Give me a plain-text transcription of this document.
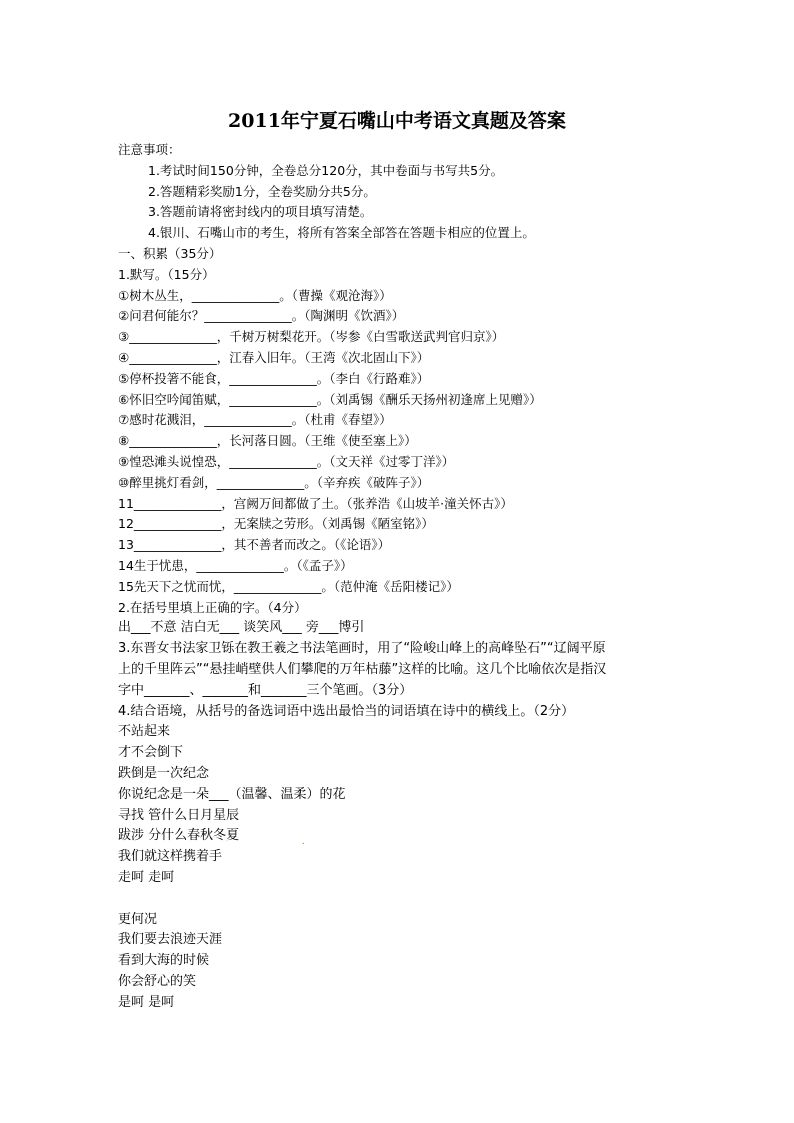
2011年宁夏石嘴山中考语文真题及答案
注意事项：
1.考试时间150分钟，全卷总分120分，其中卷面与书写共5分。
2.答题精彩奖励1分，全卷奖励分共5分。
3.答题前请将密封线内的项目填写清楚。
4.银川、石嘴山市的考生，将所有答案全部答在答题卡相应的位置上。
一、积累（35分）
1.默写。（15分）
①树木丛生，______________。（曹操《观沧海》）
②问君何能尔？______________。（陶渊明《饮酒》）
③______________，千树万树梨花开。（岑参《白雪歌送武判官归京》）
④______________，江春入旧年。（王湾《次北固山下》）
⑤停杯投箸不能食，______________。（李白《行路难》）
⑥怀旧空吟闻笛赋，______________。（刘禹锡《酬乐天扬州初逢席上见赠》）
⑦感时花溅泪，______________。（杜甫《春望》）
⑧______________，长河落日圆。（王维《使至塞上》）
⑨惶恐滩头说惶恐，______________。（文天祥《过零丁洋》）
⑩醉里挑灯看剑，______________。（辛弃疾《破阵子》）
11______________，宫阙万间都做了土。（张养浩《山坡羊·潼关怀古》）
12______________，无案牍之劳形。（刘禹锡《陋室铭》）
13______________，其不善者而改之。（《论语》）
14生于忧患，______________。（《孟子》）
15先天下之忧而忧，______________。（范仲淹《岳阳楼记》）
2.在括号里填上正确的字。（4分）
出___不意 洁白无___ 谈笑风___ 旁___博引
3.东晋女书法家卫铄在教王羲之书法笔画时，用了“险峻山峰上的高峰坠石”“辽阔平原
上的千里阵云”“悬挂峭壁供人们攀爬的万年枯藤”这样的比喻。这几个比喻依次是指汉
字中_______、_______和_______三个笔画。（3分）
4.结合语境，从括号的备选词语中选出最恰当的词语填在诗中的横线上。（2分）
不站起来
才不会倒下
跌倒是一次纪念
你说纪念是一朵___（温馨、温柔）的花
寻找 管什么日月星辰
跋涉 分什么春秋冬夏
我们就这样携着手
走呵 走呵
更何况
我们要去浪迹天涯
看到大海的时候
你会舒心的笑
是呵 是呵
.
